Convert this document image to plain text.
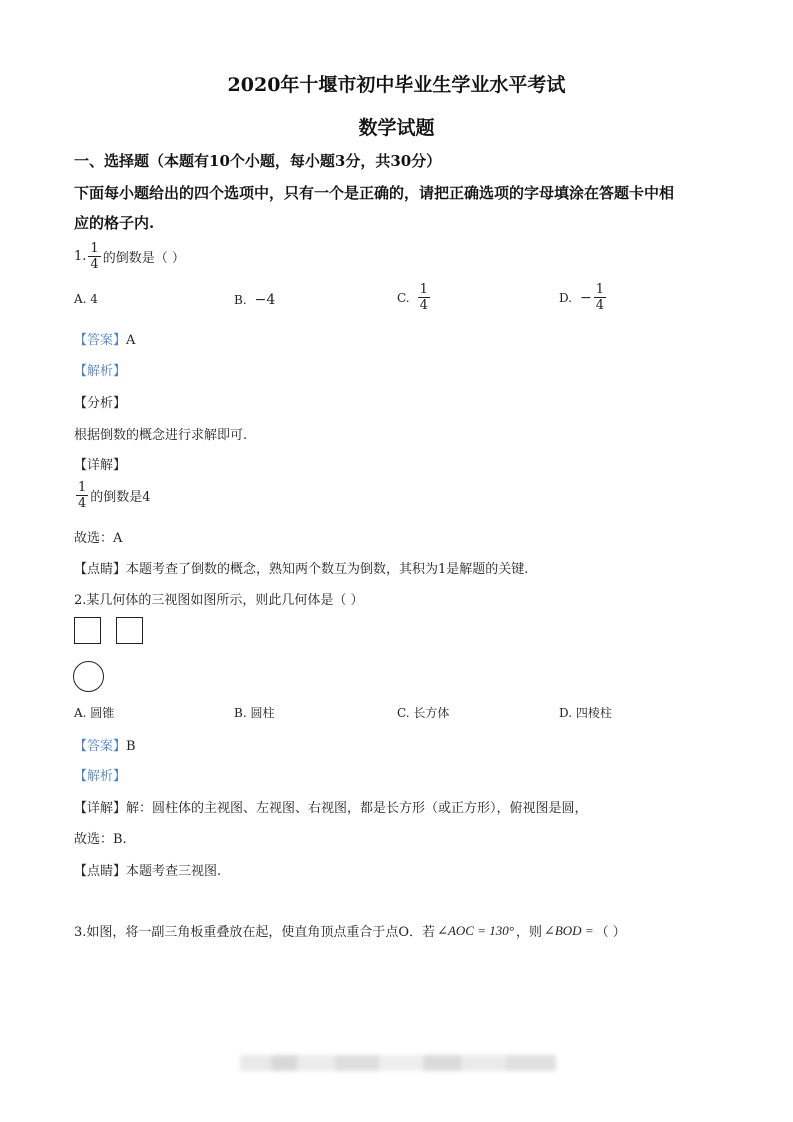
2020年十堰市初中毕业生学业水平考试
数学试题
一、选择题（本题有10个小题，每小题3分，共30分）
下面每小题给出的四个选项中，只有一个是正确的，请把正确选项的字母填涂在答题卡中相
应的格子内.
1. $\frac{1}{4}$ 的倒数是（ ）
A. 4	B. −4	C. $\frac{1}{4}$	D. − $\frac{1}{4}$
【答案】A
【解析】
【分析】
根据倒数的概念进行求解即可.
【详解】
$\frac{1}{4}$ 的倒数是4
故选：A
【点睛】本题考查了倒数的概念，熟知两个数互为倒数，其积为1是解题的关键.
2.某几何体的三视图如图所示，则此几何体是（ ）
A. 圆锥	B. 圆柱	C. 长方体	D. 四棱柱
【答案】B
【解析】
【详解】解：圆柱体的主视图、左视图、右视图，都是长方形（或正方形），俯视图是圆，
故选：B.
【点睛】本题考查三视图.
3.如图，将一副三角板重叠放在起，使直角顶点重合于点O．若 ∠AOC = 130° ，则 ∠BOD = （ ）
